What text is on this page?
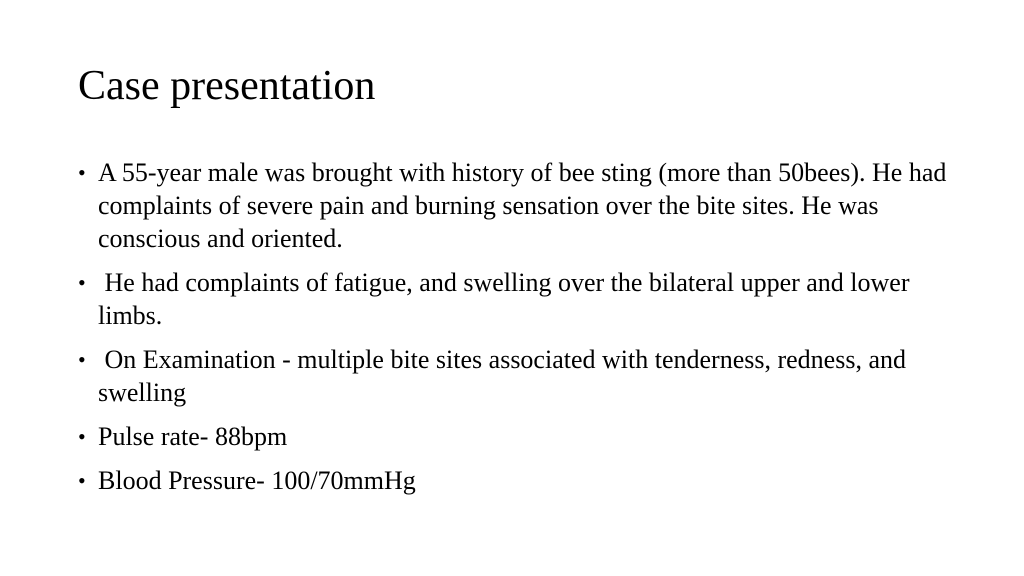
Case presentation
• A 55-year male was brought with history of bee sting (more than 50bees). He had complaints of severe pain and burning sensation over the bite sites. He was conscious and oriented.
• He had complaints of fatigue, and swelling over the bilateral upper and lower limbs.
• On Examination - multiple bite sites associated with tenderness, redness, and swelling
• Pulse rate- 88bpm
• Blood Pressure- 100/70mmHg
